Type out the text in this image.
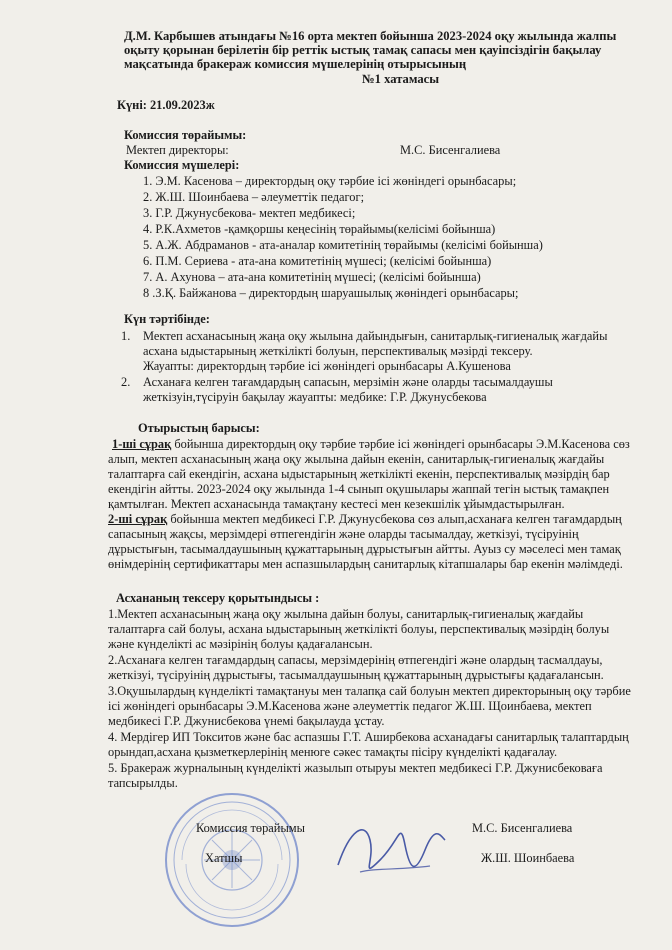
Д.М. Карбышев атындағы №16 орта мектеп бойынша 2023-2024 оқу жылында жалпы
оқыту қорынан берілетін бір реттік ыстық тамақ сапасы мен қауіпсіздігін бақылау
мақсатында бракераж комиссия мүшелерінің отырысының
№1 хатамасы
Күні: 21.09.2023ж
Комиссия төрайымы:
Мектеп директоры:	М.С. Бисенгалиева
Комиссия мүшелері:
1. Э.М. Касенова – директордың оқу тәрбие ісі жөніндегі орынбасары;
2. Ж.Ш. Шоинбаева – әлеуметтік педагог;
3. Г.Р. Джунусбекова- мектеп медбикесі;
4. Р.К.Ахметов -қамқоршы кеңесінің төрайымы(келісімі бойынша)
5. А.Ж. Абдраманов - ата-аналар комитетінің төрайымы (келісімі бойынша)
6. П.М. Сериева - ата-ана комитетінің мүшесі; (келісімі бойынша)
7. А. Ахунова – ата-ана комитетінің мүшесі; (келісімі бойынша)
8 .З.Қ. Байжанова – директордың шаруашылық жөніндегі орынбасары;
Күн тәртібінде:
1. Мектеп асханасының жаңа оқу жылына дайындығын, санитарлық-гигиеналық жағдайы
асхана ыдыстарының жеткілікті болуын, перспективалық мәзірді тексеру.
Жауапты: директордың тәрбие ісі жөніндегі орынбасары А.Кушенова
2. Асханаға келген тағамдардың сапасын, мерзімін және оларды тасымалдаушы
жеткізуін,түсіруін бақылау жауапты: медбике: Г.Р. Джунусбекова
Отырыстың барысы:
1-ші сұрақ бойынша директордың оқу тәрбие тәрбие ісі жөніндегі орынбасары Э.М.Касенова сөз
алып, мектеп асханасының жаңа оқу жылына дайын екенін, санитарлық-гигиеналық жағдайы
талаптарға сай екендігін, асхана ыдыстарының жеткілікті екенін, перспективалық мәзірдің бар
екендігін айтты. 2023-2024 оқу жылында 1-4 сынып оқушылары жаппай тегін ыстық тамақпен
қамтылған. Мектеп асханасында тамақтану кестесі мен кезекшілік ұйымдастырылған.
2-ші сұрақ бойынша мектеп медбикесі Г.Р. Джунусбекова сөз алып,асханаға келген тағамдардың
сапасының жақсы, мерзімдері өтпегендігін және оларды тасымалдау, жеткізуі, түсіруінің
дұрыстығын, тасымалдаушының құжаттарының дұрыстығын айтты. Ауыз су мәселесі мен тамақ
өнімдерінің сертификаттары мен аспазшылардың санитарлық кітапшалары бар екенін мәлімдеді.
Асхананың тексеру қорытындысы :
1.Мектеп асханасының жаңа оқу жылына дайын болуы, санитарлық-гигиеналық жағдайы
талаптарға сай болуы, асхана ыдыстарының жеткілікті болуы, перспективалық мәзірдің болуы
және күнделікті ас мәзірінің болуы қадағалансын.
2.Асханаға келген тағамдардың сапасы, мерзімдерінің өтпегендігі және олардың тасмалдауы,
жеткізуі, түсіруінің дұрыстығы, тасымалдаушының құжаттарының дұрыстығы қадағалансын.
3.Оқушылардың күнделікті тамақтануы мен талапқа сай болуын мектеп директорының оқу тәрбие
ісі жөніндегі орынбасары Э.М.Касенова және әлеуметтік педагог Ж.Ш. Щоинбаева, мектеп
медбикесі Г.Р. Джунисбекова үнемі бақылауда ұстау.
4. Мердігер ИП Токситов және бас аспазшы Г.Т. Аширбекова асханадағы санитарлық талаптардың
орындап,асхана қызметкерлерінің менюге сәкес тамақты пісіру күнделікті қадағалау.
5. Бракераж журналының күнделікті жазылып отыруы мектеп медбикесі Г.Р. Джунисбековаға
тапсырылды.
Комиссия төрайымы	М.С. Бисенгалиева
Хатшы	Ж.Ш. Шоинбаева
